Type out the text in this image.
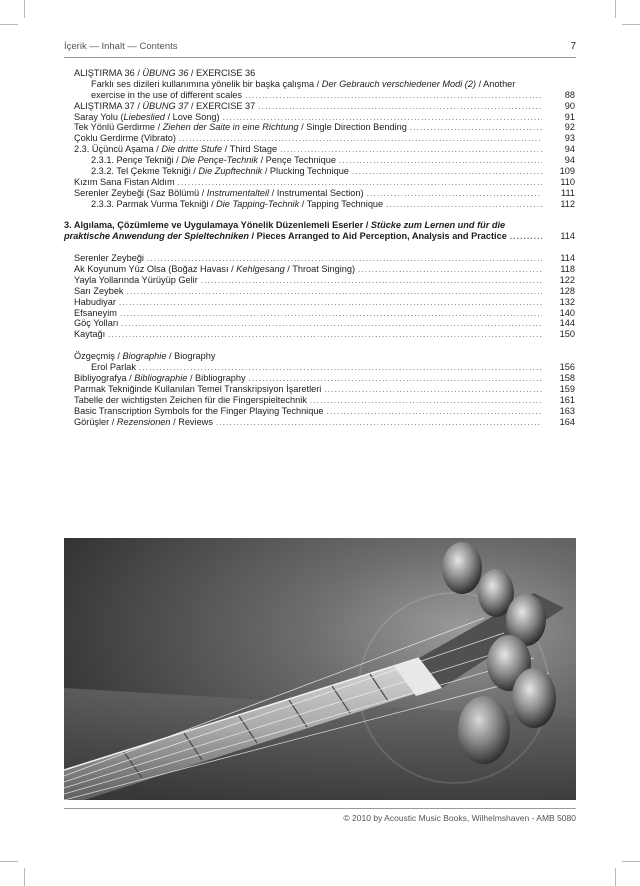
İçerik — Inhalt — Contents	7
ALIŞTIRMA 36 / ÜBUNG 36 / EXERCISE 36
Farklı ses dizileri kullanımına yönelik bir başka çalışma / Der Gebrauch verschiedener Modi (2) / Another
exercise in the use of different scales .....	88
ALIŞTIRMA 37 / ÜBUNG 37 / EXERCISE 37 .....	90
Saray Yolu (Liebeslied / Love Song) .....	91
Tek Yönlü Gerdirme / Ziehen der Saite in eine Richtung / Single Direction Bending .....	92
Çoklu Gerdirme (Vibrato) .....	93
2.3. Üçüncü Aşama / Die dritte Stufe / Third Stage .....	94
2.3.1. Pençe Tekniği / Die Pençe-Technik / Pençe Technique .....	94
2.3.2. Tel Çekme Tekniği / Die Zupftechnik / Plucking Technique .....	109
Kızım Sana Fistan Aldım .....	110
Serenler Zeybeği (Saz Bölümü / Instrumentalteil / Instrumental Section) .....	111
2.3.3. Parmak Vurma Tekniği / Die Tapping-Technik / Tapping Technique .....	112
3. Algılama, Çözümleme ve Uygulamaya Yönelik Düzenlemeli Eserler / Stücke zum Lernen und für die
praktische Anwendung der Spieltechniken / Pieces Arranged to Aid Perception, Analysis and Practice .....	114
Serenler Zeybeği .....	114
Ak Koyunum Yüz Olsa (Boğaz Havası / Kehlgesang / Throat Singing) .....	118
Yayla Yollarında Yürüyüp Gelir .....	122
Sarı Zeybek .....	128
Habudiyar .....	132
Efsaneyim .....	140
Göç Yolları .....	144
Kaytağı .....	150
Özgeçmiş / Biographie / Biography
Erol Parlak .....	156
Bibliyografya / Bibliographie / Bibliography .....	158
Parmak Tekniğinde Kullanılan Temel Transkripsiyon İşaretleri .....	159
Tabelle der wichtigsten Zeichen für die Fingerspieltechnik .....	161
Basic Transcription Symbols for the Finger Playing Technique .....	163
Görüşler / Rezensionen / Reviews .....	164
© 2010 by Acoustic Music Books, Wilhelmshaven - AMB 5080
